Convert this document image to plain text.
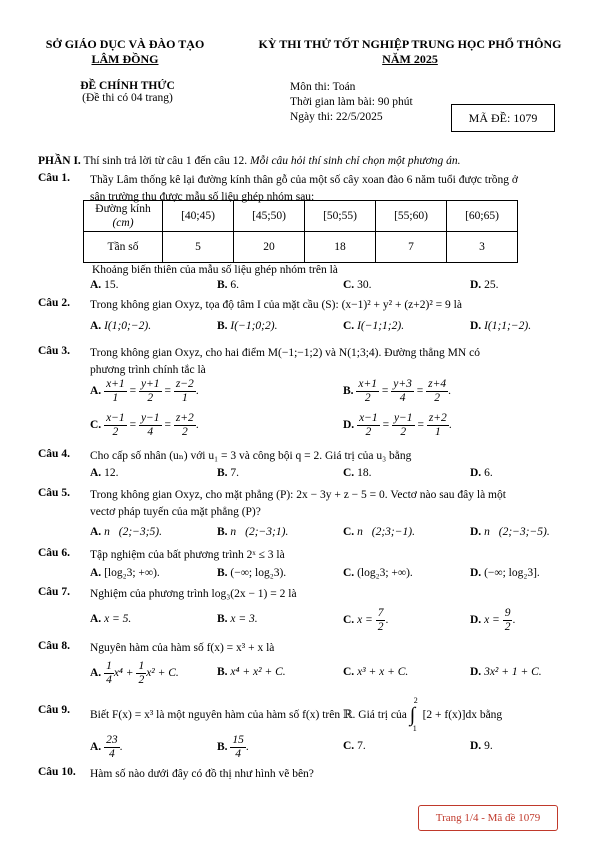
SỞ GIÁO DỤC VÀ ĐÀO TẠO
LÂM ĐỒNG
KỲ THI THỬ TỐT NGHIỆP TRUNG HỌC PHỔ THÔNG
NĂM 2025
ĐỀ CHÍNH THỨC
(Đề thi có 04 trang)
Môn thi: Toán
Thời gian làm bài: 90 phút
Ngày thi: 22/5/2025	MÃ ĐỀ: 1079
PHẦN I. Thí sinh trả lời từ câu 1 đến câu 12. Mỗi câu hỏi thí sinh chỉ chọn một phương án.
Câu 1. Thầy Lâm thống kê lại đường kính thân gỗ của một số cây xoan đào 6 năm tuổi được trồng ở
sân trường thu được mẫu số liệu ghép nhóm sau:
Đường kính
(cm)	[40;45)	[45;50)	[50;55)	[55;60)	[60;65)
Tần số	5	20	18	7	3
Khoảng biến thiên của mẫu số liệu ghép nhóm trên là
A. 15.	B. 6.	C. 30.	D. 25.
Câu 2. Trong không gian Oxyz, tọa độ tâm I của mặt cầu (S): (x−1)² + y² + (z+2)² = 9 là
A. I(1;0;−2).	B. I(−1;0;2).	C. I(−1;1;2).	D. I(1;1;−2).
Câu 3. Trong không gian Oxyz, cho hai điểm M(−1;−1;2) và N(1;3;4). Đường thẳng MN có
phương trình chính tắc là
A. $\frac{x+1}{1} = \frac{y+1}{2} = \frac{z-2}{1}$ .	B. $\frac{x+1}{2} = \frac{y+3}{4} = \frac{z+4}{2}$ .
C. $\frac{x-1}{2} = \frac{y-1}{4} = \frac{z+2}{2}$ .	D. $\frac{x-1}{2} = \frac{y-1}{2} = \frac{z+2}{1}$ .
Câu 4. Cho cấp số nhân (uₙ) với u₁ = 3 và công bội q = 2. Giá trị của u₃ bằng
A. 12.	B. 7.	C. 18.	D. 6.
Câu 5. Trong không gian Oxyz, cho mặt phẳng (P): 2x − 3y + z − 5 = 0. Vectơ nào sau đây là một
vectơ pháp tuyến của mặt phẳng (P)?
A. n⃗(2;−3;5).	B. n⃗(2;−3;1).	C. n⃗(2;3;−1).	D. n⃗(2;−3;−5).
Câu 6. Tập nghiệm của bất phương trình 2ˣ ≤ 3 là
A. [log₂3; +∞).	B. (−∞; log₂3).	C. (log₂3; +∞).	D. (−∞; log₂3].
Câu 7. Nghiệm của phương trình log₃(2x − 1) = 2 là
A. x = 5.	B. x = 3.	C. $x = \frac{7}{2}$ .	D. $x = \frac{9}{2}$ .
Câu 8. Nguyên hàm của hàm số f(x) = x³ + x là
A. $\frac{1}{4} x^4 + \frac{1}{2} x^2 + C$.	B. x⁴ + x² + C.	C. x³ + x + C.	D. 3x² + 1 + C.
Câu 9. Biết F(x) = x³ là một nguyên hàm của hàm số f(x) trên ℝ. Giá trị của ∫
2
1
[2 + f(x)]dx bằng
A. $\frac{23}{4}$ .	B. $\frac{15}{4}$ .	C. 7.	D. 9.
Câu 10. Hàm số nào dưới đây có đồ thị như hình vẽ bên?
Trang 1/4 - Mã đề 1079
